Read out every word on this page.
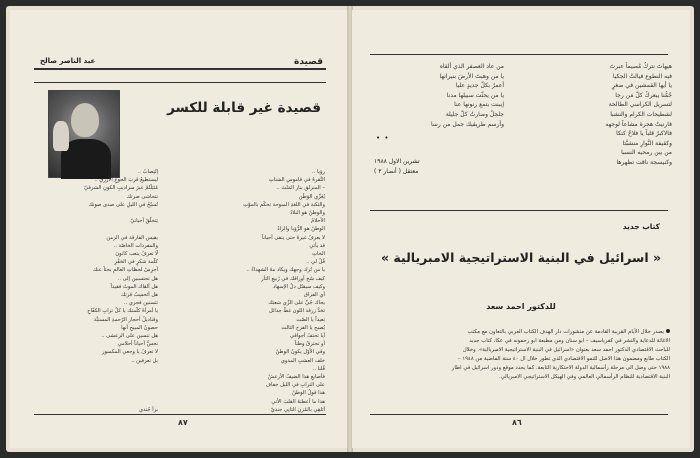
قصيدة
عبد الناصر صالح
قصيدة غير قابلة للكسر
رؤيا ..
النَّقرةُ في قاموسِ الشتاتِ
– المنزلق بنار المَنْتَ ..
يُغَرِّي الوَطْن
والثكنة في اللغةِ المبوحة تحكُم بالموْتِ
والوطنُ هو البلادُ
الأحلامُ
الوطنُ هو الرُّؤيا والزادُ
لا يعرفُ غيرهُ حتى ينفى أحياناً
قد يأتي
الخاتِ
قُلْ لي ..
يا من تُرك وجهك ويكاد مهُ الشهداءُ ..
كيف سُخ أوراقك في رُبيعِ الثأر
وكيف سيقتُل ذلّ الإسهاد
أي الفراق
يحاك جُيِّ على الرِّي شعبَك
تحَدُّ زرقة اللون غطّ جدائل
بَعيداً يا الصّت
يُصبح يا الفرح الثالث
أيا تحتفُ أجواقي
أو تحترقُ وطناً
وفي الأوّل يكونُ الوطنُ
خلف العشبِ المذوي
قُلنا ..
فأصابعِ هذا الضيفُ الأرعشُ
على الترابِ في الليل جفاف
هذا قولُ الوطنُ
هذا ما أعطتهُ القلبَ الأتي
أَتَلقِي بالمُزنِ الثانِي جنديّ
إنْتِصابٌ ..
ليستطيعُ قربَ الجوعِ الأزرقِ ..
مُتَبَلْتُمْ عبرَ سراديبِ الكونِ الشرقيّ
نتحاشى صرتك
تُسبّحُ في الليلِ على صدى صوتك

يَتخلّقُ أحيانيّ

يقيس الفارقة في الزمن
والمفردات الخاصّة ..
لَّا تعرفُ يتعب كانونَ
كلّمة شكرٍ في الحَقْرِ
أَجرِسُ لحظاتِ العالمِ بحثاً عنك
هل تحتسبين إلى ..
هل ألقاك الموتُ فقيداً
هل أتَحسِبُ قربَك
تتسنين فجري ..
يا أمرأةً كلّمتك يا كلّ ترابِ الكفّاحِ
وقناديلُ أحجار الرّحمةِ المستبَّة
حصونٌ المبيحِ أنها
هل تنسين على الرعشى ..
نحسُّ أحياناً أحلامي
لا تعرفُ يا وجعي المكسور
بل تعرفين ..

برأ جُندي
٨٧
هيهاتَ نتركُ مُصيماً عبرتَ
فيه النطوع فيالتُ الجكيا
يا أيها القمشين في صغرٍ
حُمُّنا يبعركُ كلُّ مَن رجا
لتسريل الكراسي الطالحة
لشطيحات الكرام والنشبا
فارنيتُ هجرة مشاعاً لوجهه
فالاكبرُ قلباً يا فلاحُ كتكا
وكقيفة النُّوارِ منشبَّتا
من بين رمحيه النسبا
وكنيسجة ناقت تظهرها
من عاد العصفر الذي ألقاه
يا من وهبتَ الأرضَ بنيرانها
أعمرُ بكلّ جديدٍ عليا
يا من يحثّت سبيلها مدنا
إيبنت بتمع رنونها عنا
جلجلٌ وصارتُ كلّ جليلة
وأرسم طريقيك جمل من رسا
• •
تشرين الاول ١٩٨٨
معتقل ( أنصار ٣ )
كتاب جديد
« اسرائيل في البنية الاستراتيجية الامبريالية »
للدكتور احمد سعد
يصدر خلال الأيام القريبة القادمة عن منشورات دار الهدف الكتاب العربي بالتعاون مع مكتب
الاغاثة للدعاية والنشر في كفرياسيف – ابو سنان ومن مطبعة ابو رحمونه في عكا، كتاب جديد
للباحث الاقتصادي الدكتور احمد سعد بعنوان «اسرائيل في البنية الاستراتيجية الامبريالية». وخلال
الكتاب طابع ومضمون هذا الاصل للنمو الاقتصادي الذي تطور خلال ال ٤٠ سنة الماضية من ١٩٤٨ –
١٩٨٨ حتى وصل الى مرحلة رأسمالية الدولة الاحتكارية التابعة. كما يحدد موقع ودور اسرائيل في اطار
البنية الاقتصادية للنظام الرأسمالي العالمي وفي الهيكل الاستراتيجي الامبريالي.
٨٦
